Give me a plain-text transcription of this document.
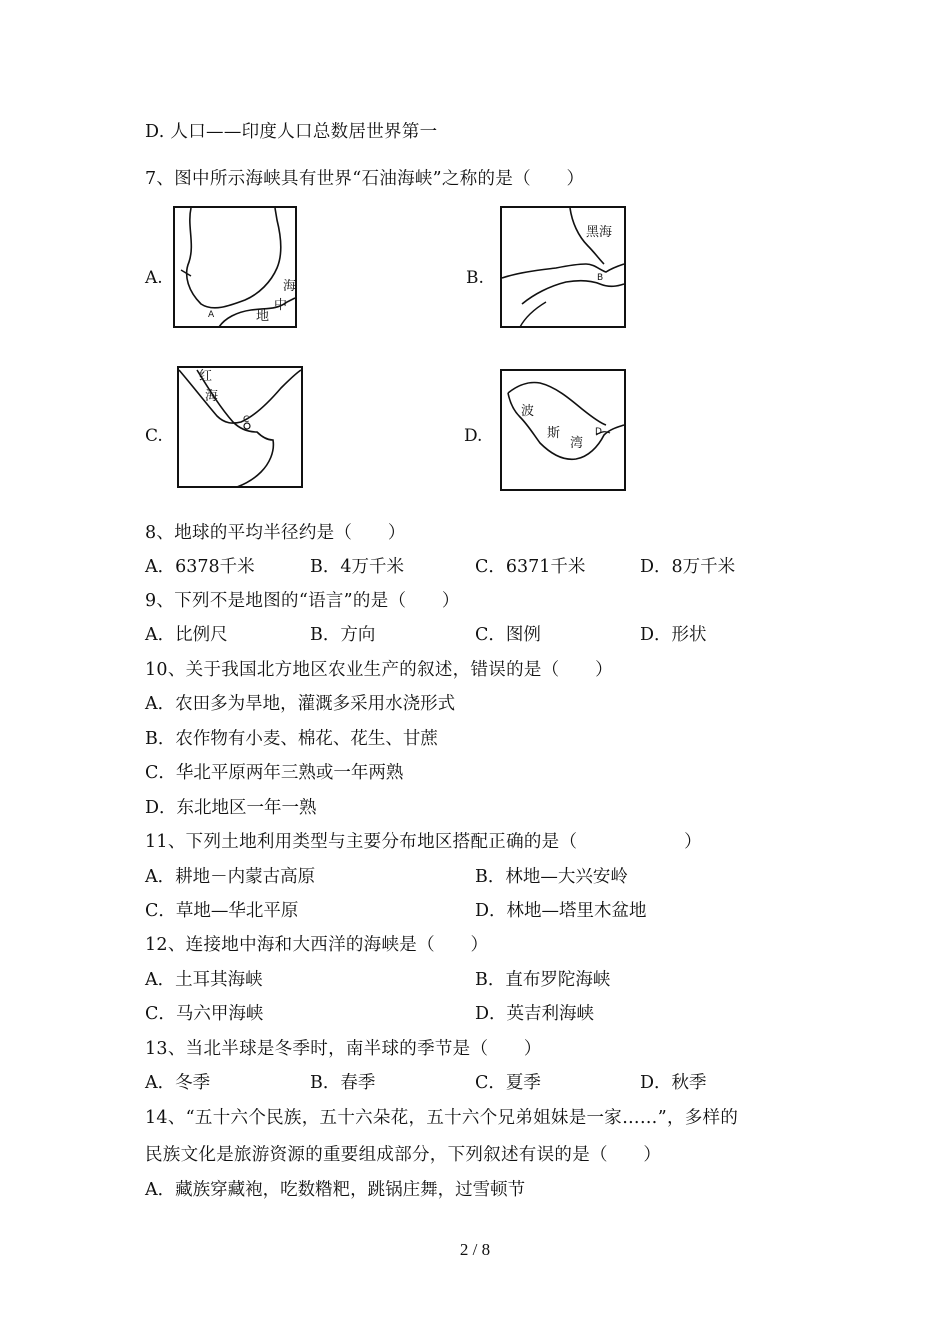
D. 人口——印度人口总数居世界第一
7、图中所示海峡具有世界“石油海峡”之称的是（　　）
A.	海
中
地
A
B.
黑海
B
C.
红
海
C
D.
波
斯
湾
D
8、地球的平均半径约是（　　）
A．6378千米	B．4万千米	C．6371千米	D．8万千米
9、下列不是地图的“语言”的是（　　）
A．比例尺	B．方向	C．图例	D．形状
10、关于我国北方地区农业生产的叙述，错误的是（　　）
A．农田多为旱地，灌溉多采用水浇形式
B．农作物有小麦、棉花、花生、甘蔗
C．华北平原两年三熟或一年两熟
D．东北地区一年一熟
11、下列土地利用类型与主要分布地区搭配正确的是（　　　　　　）
A．耕地－内蒙古高原	B．林地—大兴安岭
C．草地—华北平原	D．林地—塔里木盆地
12、连接地中海和大西洋的海峡是（　　）
A．土耳其海峡	B．直布罗陀海峡
C．马六甲海峡	D．英吉利海峡
13、当北半球是冬季时，南半球的季节是（　　）
A．冬季	B．春季	C．夏季	D．秋季
14、“五十六个民族，五十六朵花，五十六个兄弟姐妹是一家……”，多样的
民族文化是旅游资源的重要组成部分，下列叙述有误的是（　　）
A．藏族穿藏袍，吃数糌粑，跳锅庄舞，过雪顿节
2 / 8
